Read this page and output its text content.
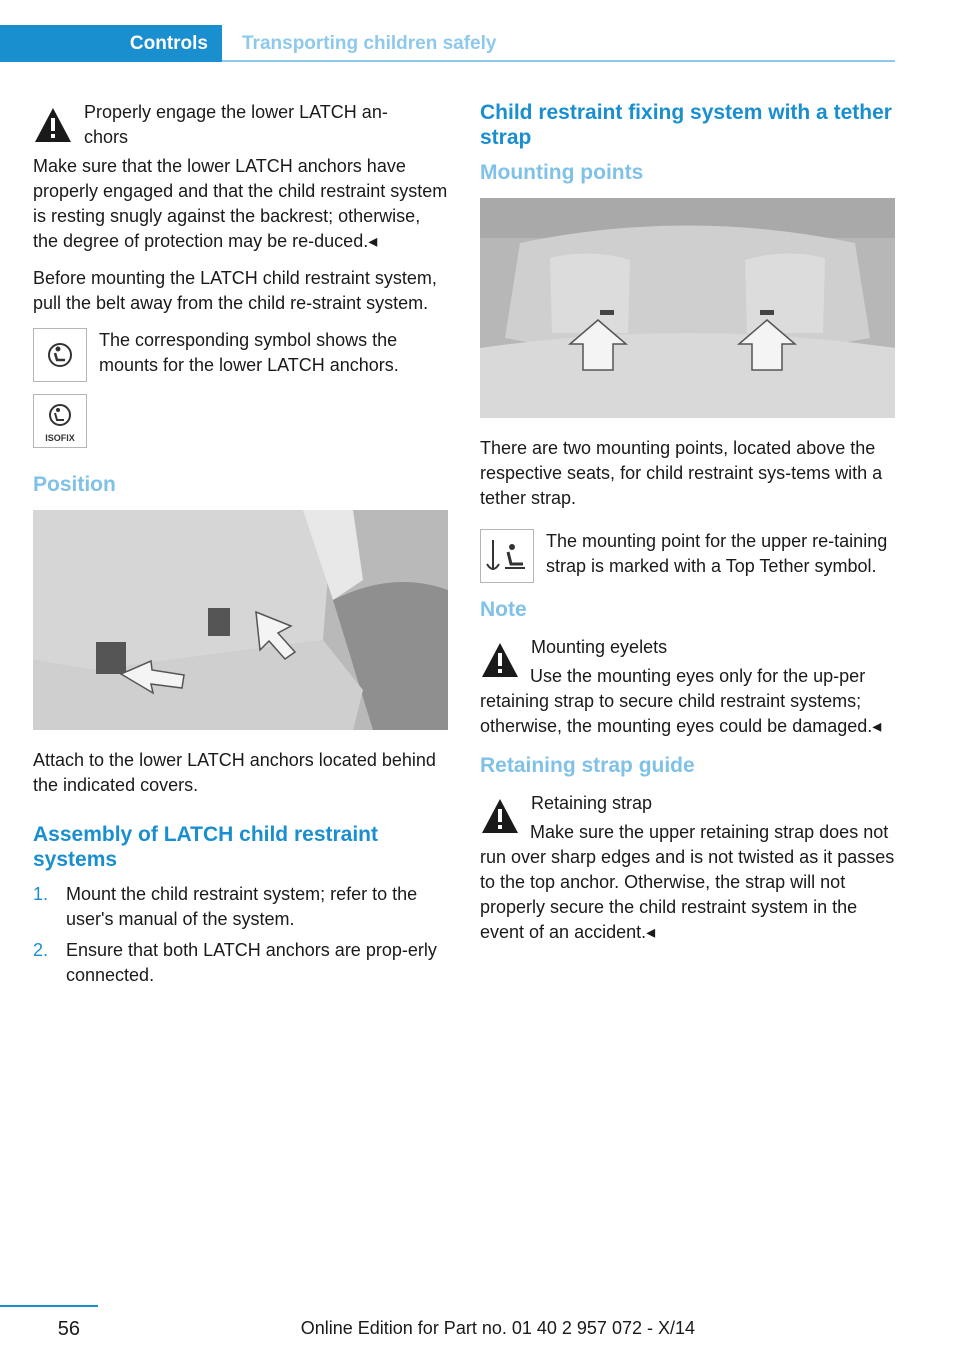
Controls	Transporting children safely

Properly engage the lower LATCH an-
chors

Make sure that the lower LATCH anchors have properly engaged and that the child restraint system is resting snugly against the backrest; otherwise, the degree of protection may be re-duced.◂

Before mounting the LATCH child restraint system, pull the belt away from the child re-straint system.

The corresponding symbol shows the mounts for the lower LATCH anchors.

ISOFIX
Position

Attach to the lower LATCH anchors located behind the indicated covers.

Assembly of LATCH child restraint systems
1. Mount the child restraint system; refer to the user's manual of the system.
2. Ensure that both LATCH anchors are prop-erly connected.
Child restraint fixing system with a tether strap
Mounting points

There are two mounting points, located above the respective seats, for child restraint sys-tems with a tether strap.

The mounting point for the upper re-taining strap is marked with a Top Tether symbol.

Note

Mounting eyelets

Use the mounting eyes only for the up-per retaining strap to secure child restraint systems; otherwise, the mounting eyes could be damaged.◂

Retaining strap guide

Retaining strap

Make sure the upper retaining strap does not run over sharp edges and is not twisted as it passes to the top anchor. Otherwise, the strap will not properly secure the child restraint system in the event of an accident.◂

56	Online Edition for Part no. 01 40 2 957 072 - X/14
